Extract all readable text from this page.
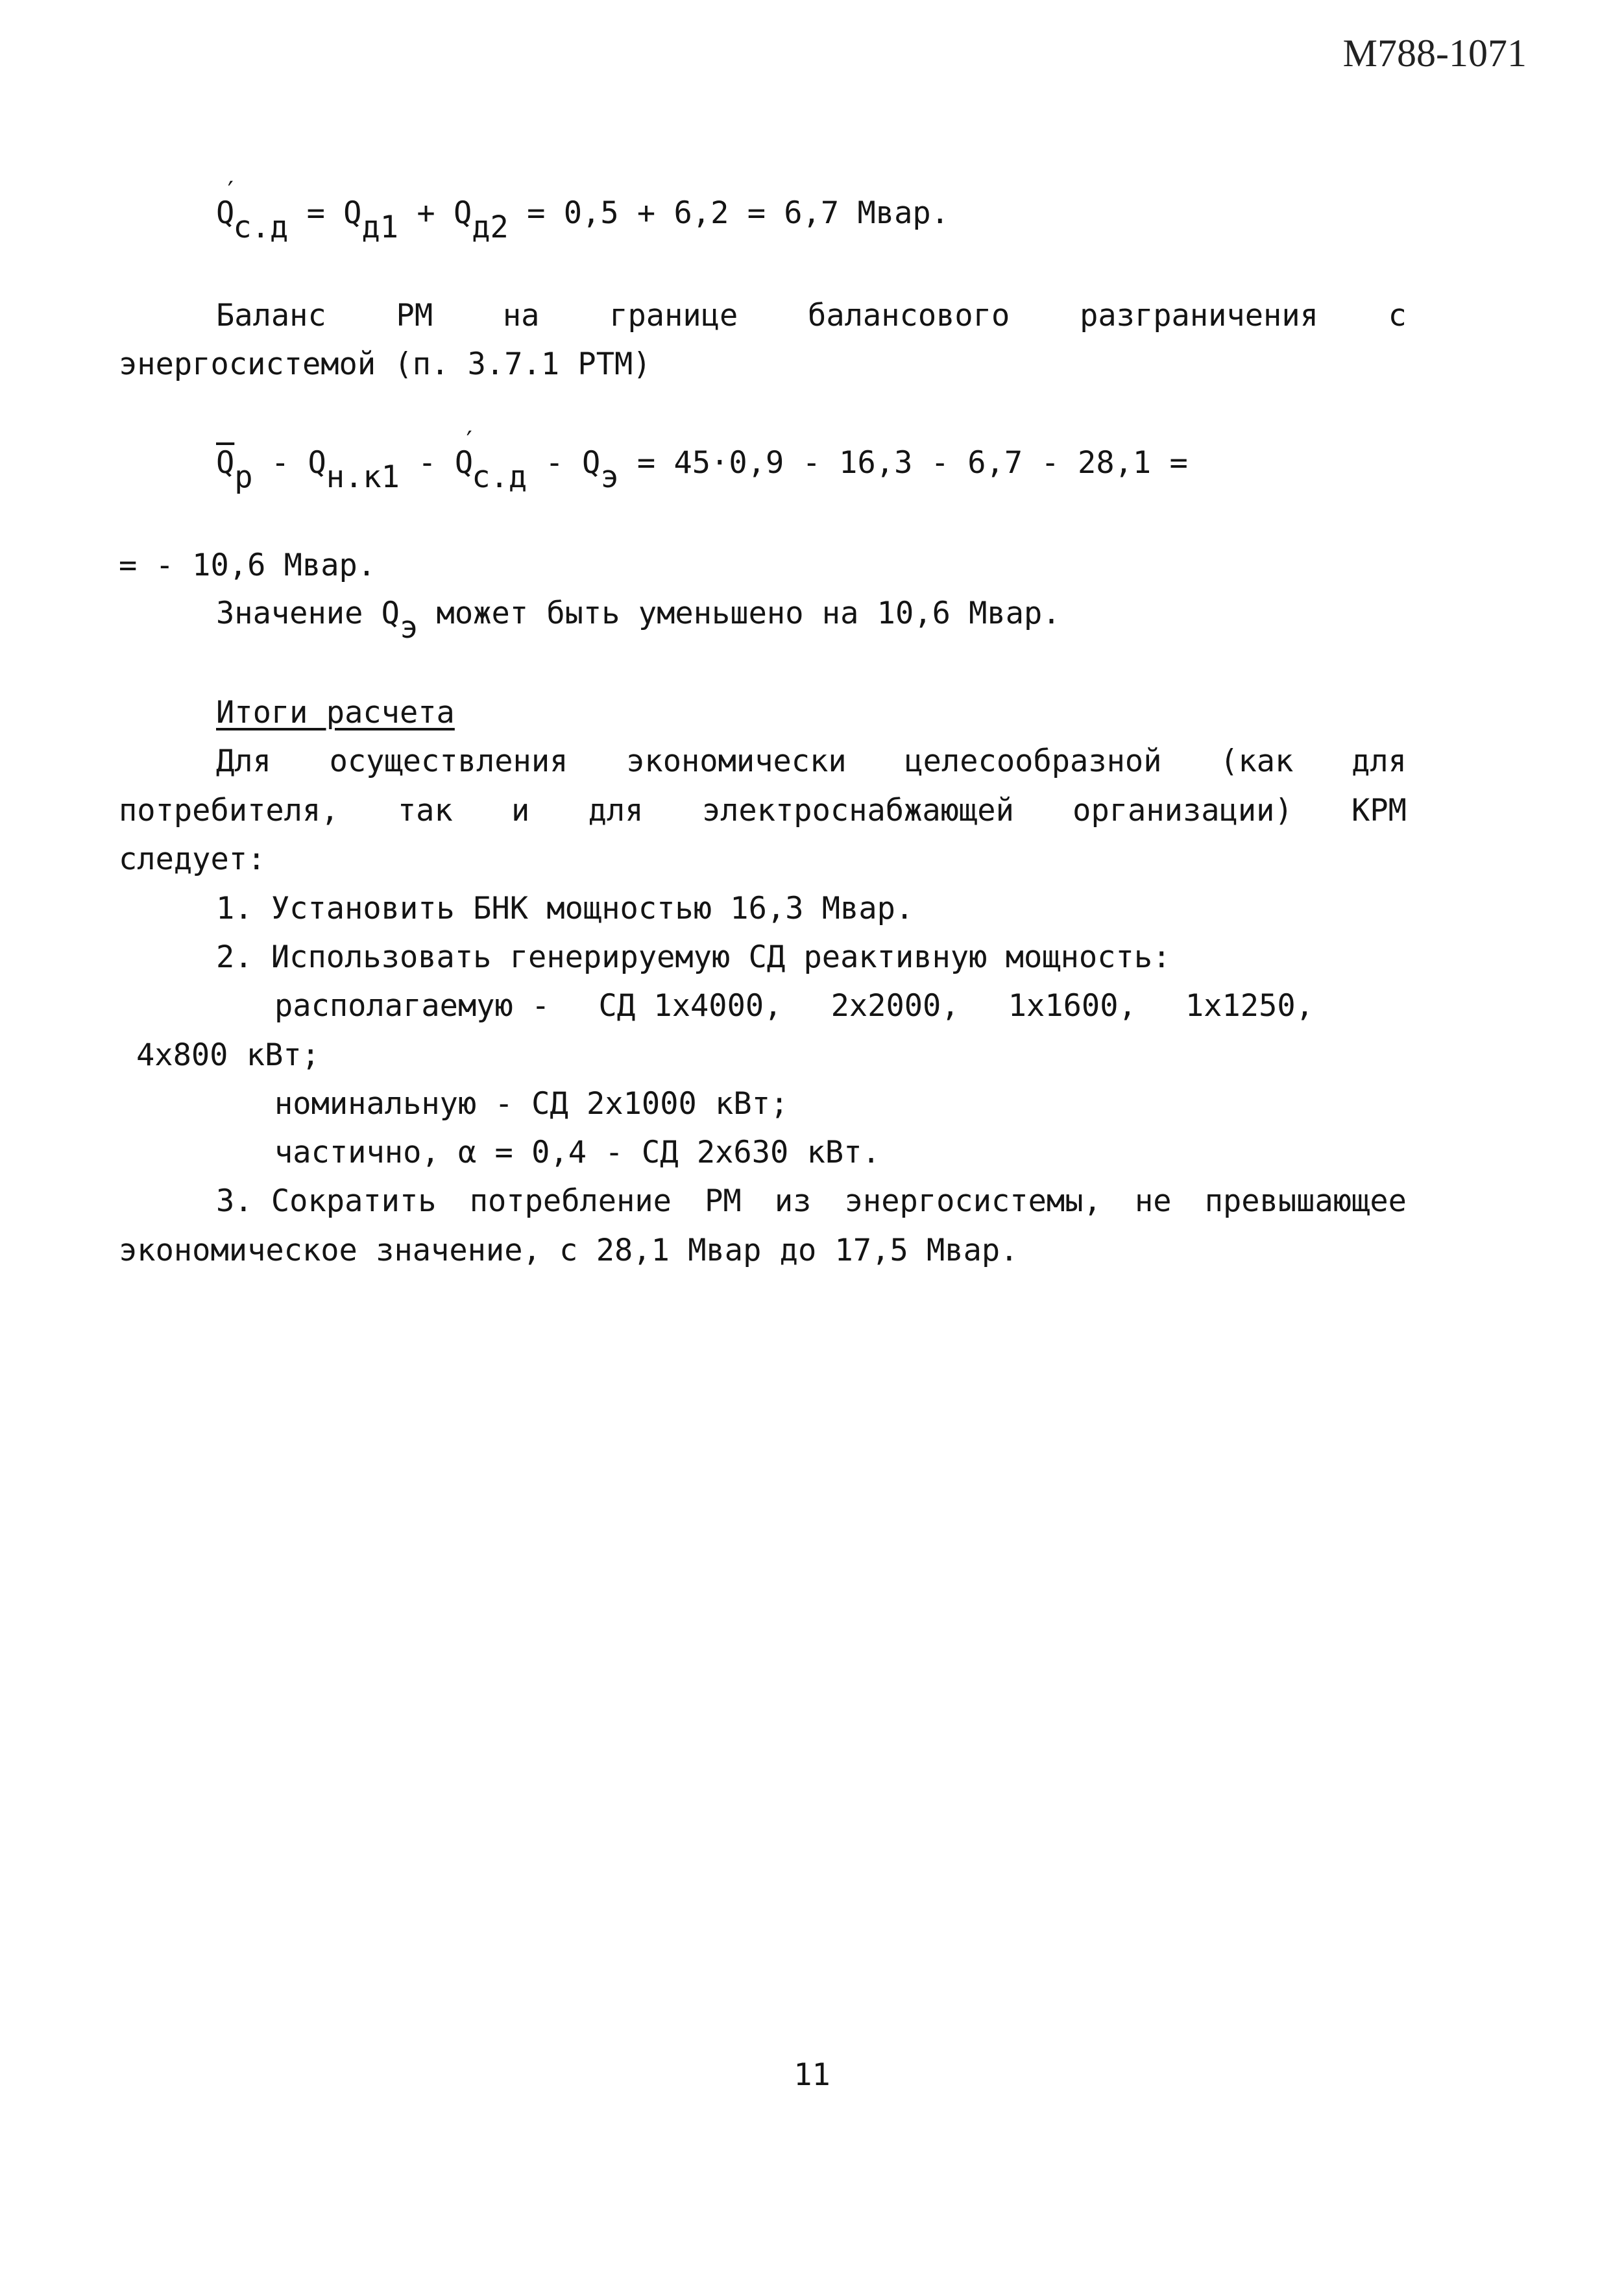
М788-1071
Q′с.д = Qд1 + Qд2 = 0,5 + 6,2 = 6,7 Мвар.
Баланс РМ на границе балансового разграничения с
энергосистемой (п. 3.7.1 РТМ)
$\overline{Q}р - Qн.к1 - Q'с.д$ - Qэ = 45·0,9 - 16,3 - 6,7 - 28,1 =
= - 10,6 Мвар.
Значение Qэ может быть уменьшено на 10,6 Мвар.
Итоги расчета
Для осуществления экономически целесообразной (как для
потребителя, так и для электроснабжающей организации) КРМ
следует:
1. Установить БНК мощностью 16,3 Мвар.
2. Использовать генерируемую СД реактивную мощность:
располагаемую - СД 1х4000, 2х2000, 1х1600, 1х1250,
4х800 кВт;
номинальную - СД 2х1000 кВт;
частично, α = 0,4 - СД 2х630 кВт.
3. Сократить потребление РМ из энергосистемы, не превышающее
экономическое значение, с 28,1 Мвар до 17,5 Мвар.
11
